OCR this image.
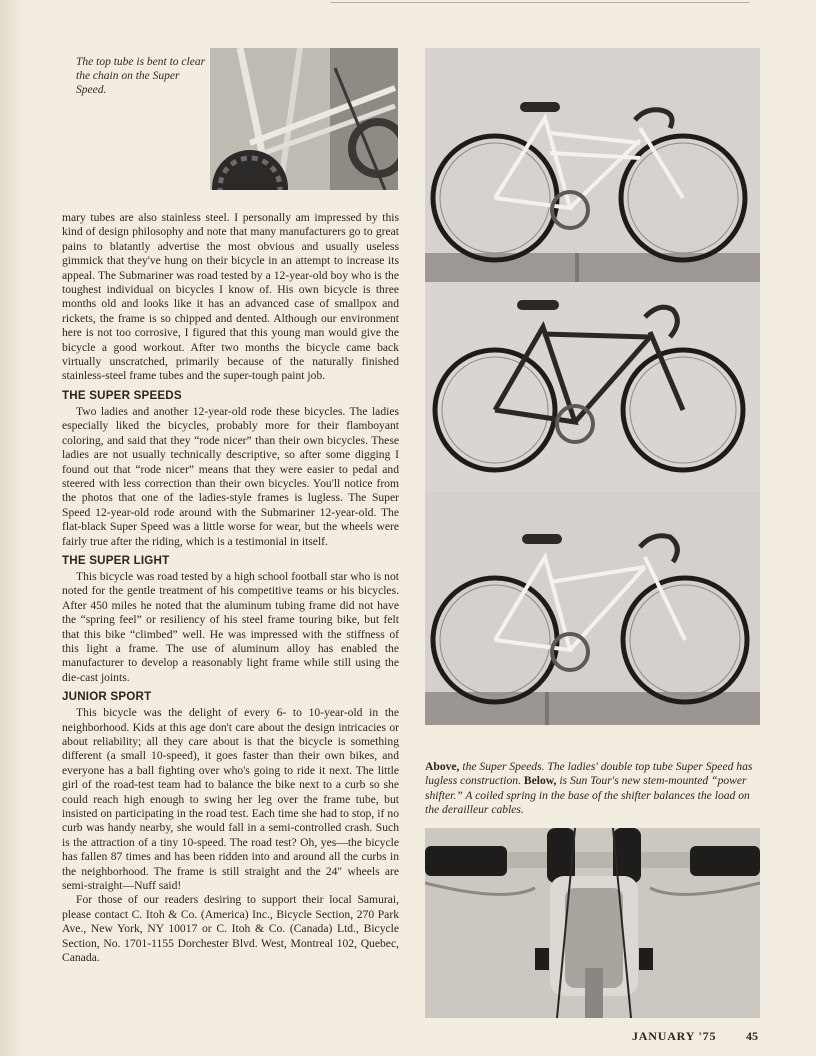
The top tube is bent to clear the chain on the Super Speed.

mary tubes are also stainless steel. I personally am impressed by this kind of design philosophy and note that many manufacturers go to great pains to blatantly advertise the most obvious and usually useless gimmick that they've hung on their bicycle in an attempt to increase its appeal. The Submariner was road tested by a 12-year-old boy who is the toughest individual on bicycles I know of. His own bicycle is three months old and looks like it has an advanced case of smallpox and rickets, the frame is so chipped and dented. Although our environment here is not too corrosive, I figured that this young man would give the bicycle a good workout. After two months the bicycle came back virtually unscratched, primarily because of the naturally finished stainless-steel frame tubes and the super-tough paint job.

THE SUPER SPEEDS

Two ladies and another 12-year-old rode these bicycles. The ladies especially liked the bicycles, probably more for their flamboyant coloring, and said that they “rode nicer” than their own bicycles. These ladies are not usually technically descriptive, so after some digging I found out that “rode nicer” means that they were easier to pedal and steered with less correction than their own bicycles. You'll notice from the photos that one of the ladies-style frames is lugless. The Super Speed 12-year-old rode around with the Submariner 12-year-old. The flat-black Super Speed was a little worse for wear, but the wheels were fairly true after the riding, which is a testimonial in itself.

THE SUPER LIGHT

This bicycle was road tested by a high school football star who is not noted for the gentle treatment of his competitive teams or his bicycles. After 450 miles he noted that the aluminum tubing frame did not have the “spring feel” or resiliency of his steel frame touring bike, but felt that this bike “climbed” well. He was impressed with the stiffness of this light a frame. The use of aluminum alloy has enabled the manufacturer to develop a reasonably light frame while still using the die-cast joints.

JUNIOR SPORT

This bicycle was the delight of every 6- to 10-year-old in the neighborhood. Kids at this age don't care about the design intricacies or about reliability; all they care about is that the bicycle is something different (a small 10-speed), it goes faster than their own bikes, and everyone has a ball fighting over who's going to ride it next. The little girl of the road-test team had to balance the bike next to a curb so she could reach high enough to swing her leg over the frame tube, but insisted on participating in the road test. Each time she had to stop, if no curb was handy nearby, she would fall in a semi-controlled crash. Such is the attraction of a tiny 10-speed. The road test? Oh, yes—the bicycle has fallen 87 times and has been ridden into and around all the curbs in the neighborhood. The frame is still straight and the 24″ wheels are semi-straight—Nuff said!

For those of our readers desiring to support their local Samurai, please contact C. Itoh & Co. (America) Inc., Bicycle Section, 270 Park Ave., New York, NY 10017 or C. Itoh & Co. (Canada) Ltd., Bicycle Section, No. 1701-1155 Dorchester Blvd. West, Montreal 102, Quebec, Canada.

Above, the Super Speeds. The ladies' double top tube Super Speed has lugless construction. Below, is Sun Tour's new stem-mounted “power shifter.” A coiled spring in the base of the shifter balances the load on the derailleur cables.

JANUARY '75 45
